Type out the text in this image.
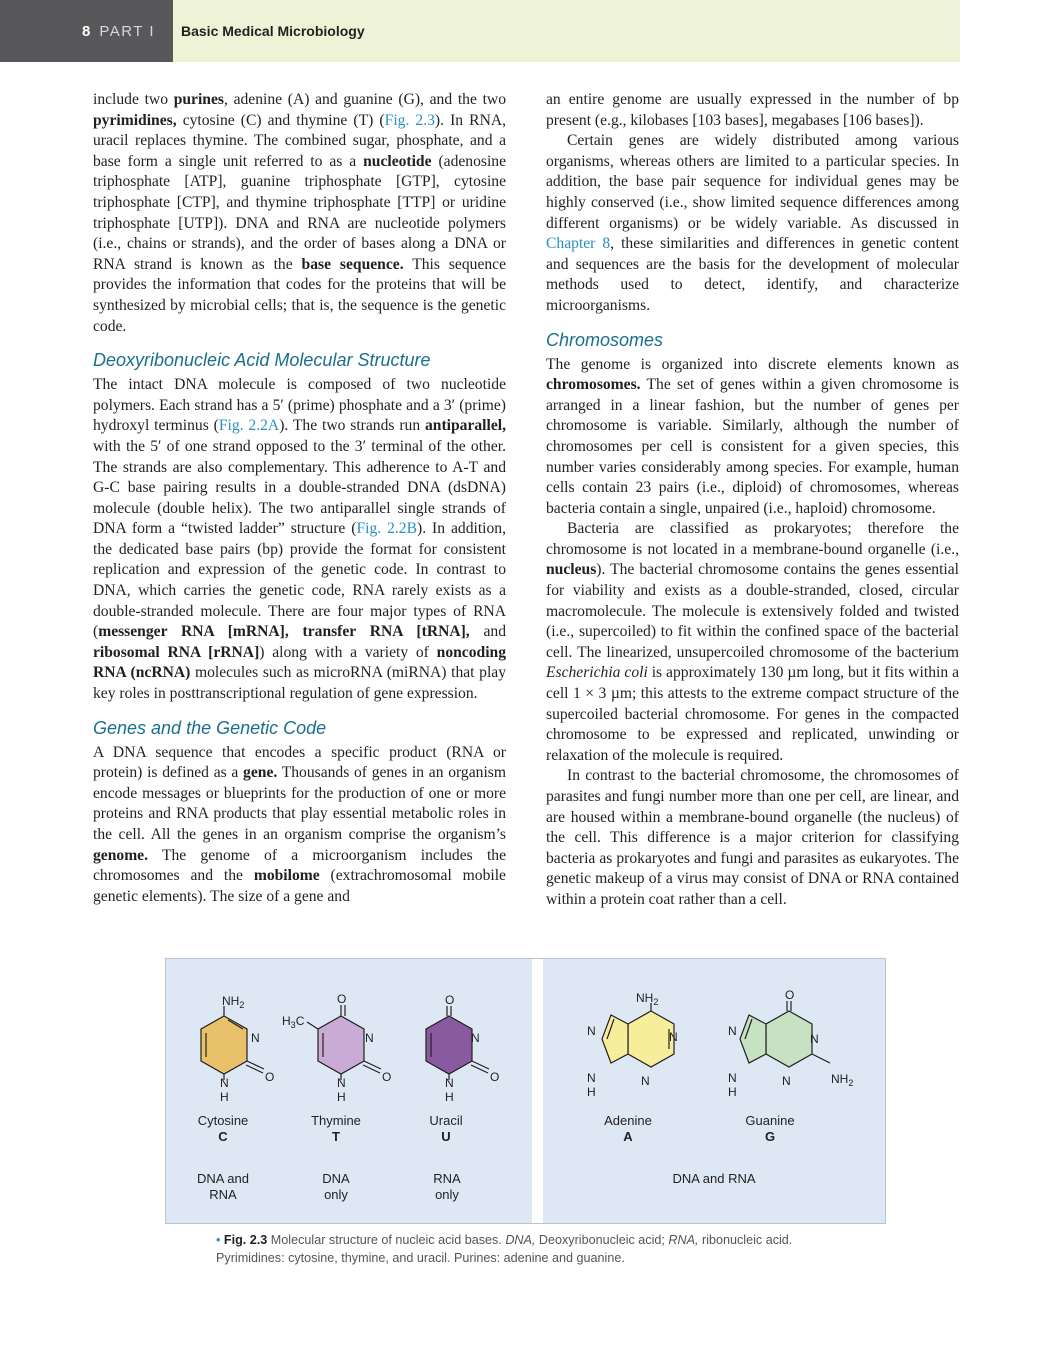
8 PART I Basic Medical Microbiology

include two purines, adenine (A) and guanine (G), and the two pyrimidines, cytosine (C) and thymine (T) (Fig. 2.3). In RNA, uracil replaces thymine. The combined sugar, phosphate, and a base form a single unit referred to as a nucleotide (adenosine triphosphate [ATP], guanine triphosphate [GTP], cytosine triphosphate [CTP], and thymine triphosphate [TTP] or uridine triphosphate [UTP]). DNA and RNA are nucleotide polymers (i.e., chains or strands), and the order of bases along a DNA or RNA strand is known as the base sequence. This sequence provides the information that codes for the proteins that will be synthesized by microbial cells; that is, the sequence is the genetic code.

Deoxyribonucleic Acid Molecular Structure

The intact DNA molecule is composed of two nucleotide polymers. Each strand has a 5′ (prime) phosphate and a 3′ (prime) hydroxyl terminus (Fig. 2.2A). The two strands run antiparallel, with the 5′ of one strand opposed to the 3′ terminal of the other. The strands are also complementary. This adherence to A-T and G-C base pairing results in a double-stranded DNA (dsDNA) molecule (double helix). The two antiparallel single strands of DNA form a “twisted ladder” structure (Fig. 2.2B). In addition, the dedicated base pairs (bp) provide the format for consistent replication and expression of the genetic code. In contrast to DNA, which carries the genetic code, RNA rarely exists as a double-stranded molecule. There are four major types of RNA (messenger RNA [mRNA], transfer RNA [tRNA], and ribosomal RNA [rRNA]) along with a variety of noncoding RNA (ncRNA) molecules such as microRNA (miRNA) that play key roles in posttranscriptional regulation of gene expression.

Genes and the Genetic Code

A DNA sequence that encodes a specific product (RNA or protein) is defined as a gene. Thousands of genes in an organism encode messages or blueprints for the production of one or more proteins and RNA products that play essential metabolic roles in the cell. All the genes in an organism comprise the organism’s genome. The genome of a microorganism includes the chromosomes and the mobilome (extrachromosomal mobile genetic elements). The size of a gene and

an entire genome are usually expressed in the number of bp present (e.g., kilobases [103 bases], megabases [106 bases]).

Certain genes are widely distributed among various organisms, whereas others are limited to a particular species. In addition, the base pair sequence for individual genes may be highly conserved (i.e., show limited sequence differences among different organisms) or be widely variable. As discussed in Chapter 8, these similarities and differences in genetic content and sequences are the basis for the development of molecular methods used to detect, identify, and characterize microorganisms.

Chromosomes

The genome is organized into discrete elements known as chromosomes. The set of genes within a given chromosome is arranged in a linear fashion, but the number of genes per chromosome is variable. Similarly, although the number of chromosomes per cell is consistent for a given species, this number varies considerably among species. For example, human cells contain 23 pairs (i.e., diploid) of chromosomes, whereas bacteria contain a single, unpaired (i.e., haploid) chromosome.

Bacteria are classified as prokaryotes; therefore the chromosome is not located in a membrane-bound organelle (i.e., nucleus). The bacterial chromosome contains the genes essential for viability and exists as a double-stranded, closed, circular macromolecule. The molecule is extensively folded and twisted (i.e., supercoiled) to fit within the confined space of the bacterial cell. The linearized, unsupercoiled chromosome of the bacterium Escherichia coli is approximately 130 µm long, but it fits within a cell 1 × 3 µm; this attests to the extreme compact structure of the supercoiled bacterial chromosome. For genes in the compacted chromosome to be expressed and replicated, unwinding or relaxation of the molecule is required.

In contrast to the bacterial chromosome, the chromosomes of parasites and fungi number more than one per cell, are linear, and are housed within a membrane-bound organelle (the nucleus) of the cell. This difference is a major criterion for classifying bacteria as prokaryotes and fungi and parasites as eukaryotes. The genetic makeup of a virus may consist of DNA or RNA contained within a protein coat rather than a cell.

$NH_2$
N
O
N
H
O
$H_3C$
N
O
N
H
O
N
O
N
H
$NH_2$
N	N
N
H
N
O
N
N
$NH_2$
N
H
N
Cytosine
C
Thymine
T
Uracil
U
Adenine
A
Guanine
G
DNA and RNA
DNA only
RNA only
DNA and RNA
• Fig. 2.3 Molecular structure of nucleic acid bases. DNA, Deoxyribonucleic acid; RNA, ribonucleic acid. Pyrimidines: cytosine, thymine, and uracil. Purines: adenine and guanine.
